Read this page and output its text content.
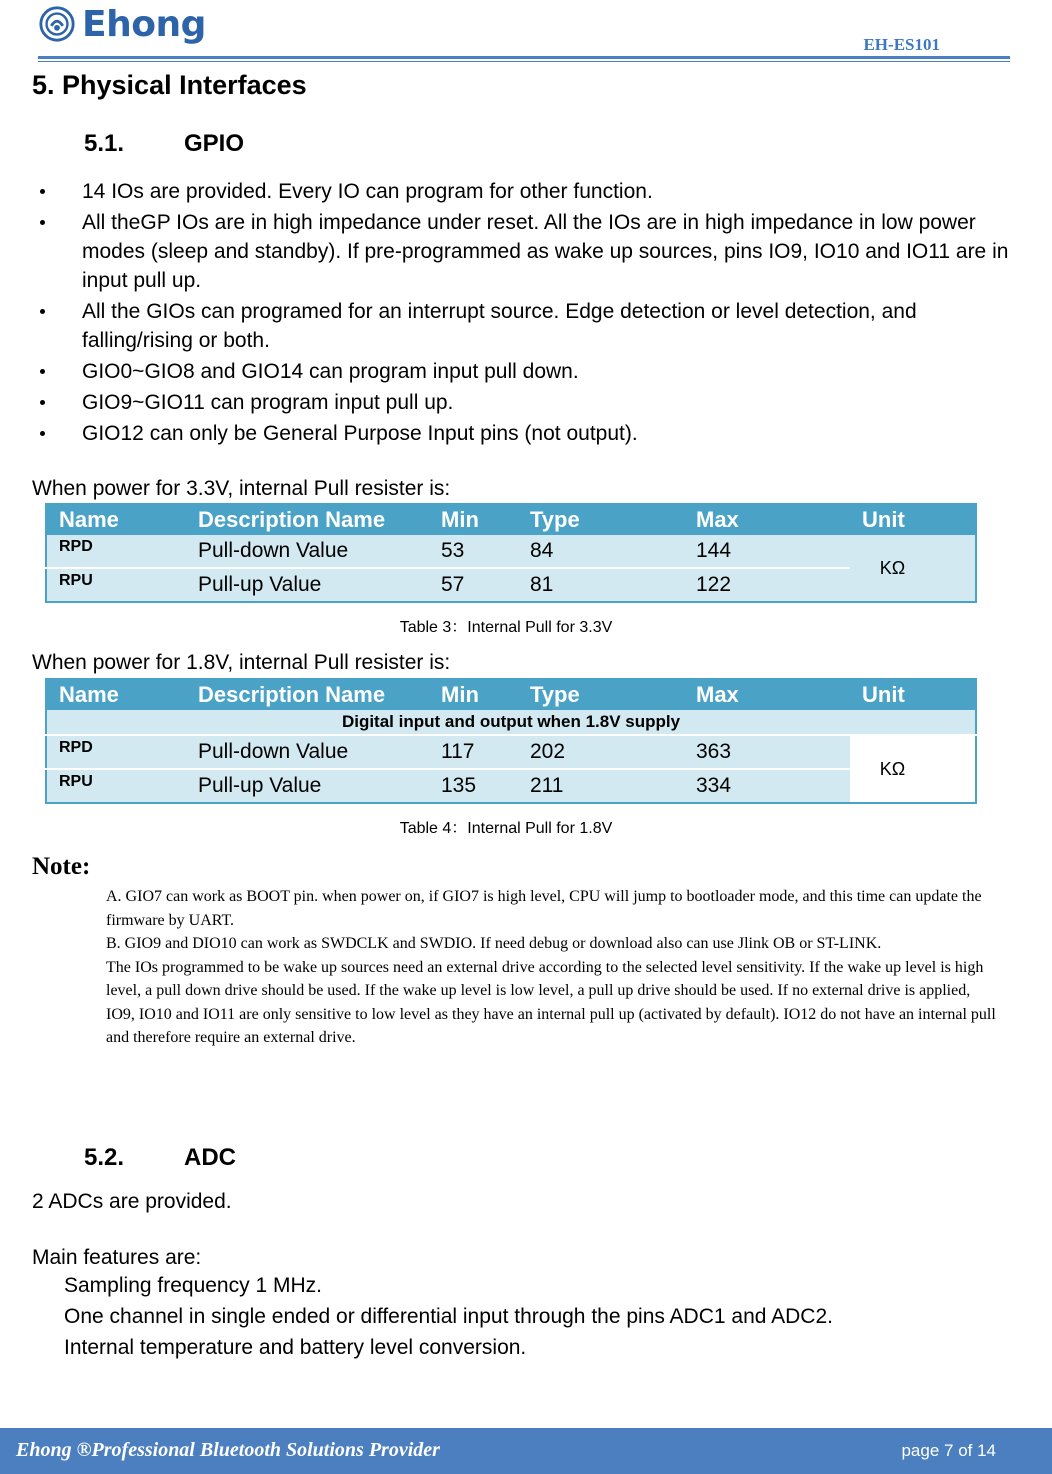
Ehong	EH-ES101
5. Physical Interfaces
5.1. GPIO
14 IOs are provided. Every IO can program for other function.
All theGP IOs are in high impedance under reset. All the IOs are in high impedance in low power modes (sleep and standby). If pre-programmed as wake up sources, pins IO9, IO10 and IO11 are in input pull up.
All the GIOs can programed for an interrupt source. Edge detection or level detection, and falling/rising or both.
GIO0~GIO8 and GIO14 can program input pull down.
GIO9~GIO11 can program input pull up.
GIO12 can only be General Purpose Input pins (not output).
When power for 3.3V, internal Pull resister is:
Name	Description Name	Min	Type	Max	Unit
RPD	Pull-down Value	53	84	144	KΩ
RPU	Pull-up Value	57	81	122	
Table 3：Internal Pull for 3.3V
When power for 1.8V, internal Pull resister is:
Name	Description Name	Min	Type	Max	Unit
Digital input and output when 1.8V supply					
RPD	Pull-down Value	117	202	363	KΩ
RPU	Pull-up Value	135	211	334	
Table 4：Internal Pull for 1.8V
Note:

A. GIO7 can work as BOOT pin. when power on, if GIO7 is high level, CPU will jump to bootloader mode, and this time can update the firmware by UART.

B. GIO9 and DIO10 can work as SWDCLK and SWDIO. If need debug or download also can use Jlink OB or ST-LINK.

The IOs programmed to be wake up sources need an external drive according to the selected level sensitivity. If the wake up level is high level, a pull down drive should be used. If the wake up level is low level, a pull up drive should be used. If no external drive is applied, IO9, IO10 and IO11 are only sensitive to low level as they have an internal pull up (activated by default). IO12 do not have an internal pull and therefore require an external drive.

5.2. ADC
2 ADCs are provided.
Main features are:
Sampling frequency 1 MHz.
One channel in single ended or differential input through the pins ADC1 and ADC2.
Internal temperature and battery level conversion.
Ehong ®Professional Bluetooth Solutions Provider	page 7 of 14
